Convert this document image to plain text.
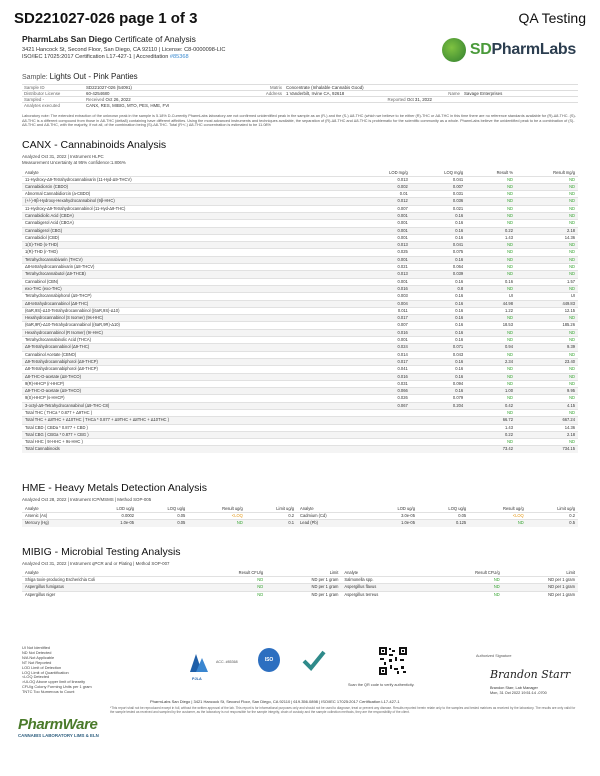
SD221027-026 page 1 of 3	QA Testing
PharmLabs San Diego Certificate of Analysis
3421 Hancock St, Second Floor, San Diego, CA 92110 | License: C8-0000098-LIC
ISO/IEC 17025:2017 Certification L17-427-1 | Accreditation #85368	SDPharmLabs
Sample: Lights Out - Pink Panties
Sample ID	SD221027-026 (54091)	Matrix	Concentrate (Inhalable Cannabis Good)		
Distributor License	60-4254680	Address	1 Vanderbilt, Irvine CA, 92618	Name	Savage Enterprises
Sampled -	Received Oct 26, 2022		Reported Oct 31, 2022		
Analytes executed	CANX, RES, MIBIG, MTO, PES, HME, FVI				
Laboratory note: The extended extraction of the unknown peak in the sample is 5.18% D-Currently PharmLabs laboratory are not confirmed unidentified peak in the sample as an (R-) and the (S-) Δ8-THC (which we believe to be either (R)-THC or Δ8-THC in this time there are no reference standards available for (R)-Δ8-THC. (S)-Δ8-THC is a different compound from those in Δ8-THC (delta8) containing have different affinities. Using the most advanced instruments and techniques available, the separation of (R)-Δ8-THC and Δ8-THC is problematic for the scientific community as a whole. PharmLabs believe the unidentified peak to be a combination of (S)-Δ8-THC and Δ8-THC, with the majority, if not all, of the combination being (S)-Δ8-THC. Total (R+/-) Δ8-THC concentration is estimated to be 11.08%
CANX - Cannabinoids Analysis
Analyzed Oct 31, 2022 | Instrument HLPC
Measurement Uncertainty at 95% confidence:1.806%
Analyte	LOD mg/g	LOQ mg/g	Result %	Result mg/g
11-Hydroxy-Δ9-Tetrahydrocannabivarin (11-Hyd-Δ9-THCV)	0.013	0.041	ND	ND
Cannabidiorcin (CBDO)	0.002	0.007	ND	ND
Abnormal Cannabidiorcin (a-CBDO)	0.01	0.031	ND	ND
(+/-)-9β-Hydroxy-Hexahydrocannabinol (9β-HHC)	0.012	0.036	ND	ND
11-Hydroxy-Δ9-Tetrahydrocannabinol (11-Hyd-Δ9-THC)	0.007	0.021	ND	ND
Cannabidiolic Acid (CBDA)	0.001	0.16	ND	ND
Cannabigerol Acid (CBGA)	0.001	0.16	ND	ND
Cannabigerol (CBG)	0.001	0.16	0.22	2.18
Cannabidiol (CBD)	0.001	0.16	1.43	14.36
1(S)-THD (s-THD)	0.013	0.041	ND	ND
1(R)-THD (r-THD)	0.025	0.075	ND	ND
Tetrahydrocannabivarin (THCV)	0.001	0.16	ND	ND
Δ8-tetrahydrocannabivarin (Δ8-THCV)	0.021	0.064	ND	ND
Tetrahydrocannabutol (Δ9-THCB)	0.013	0.039	ND	ND
Cannabinol (CBN)	0.001	0.16	0.16	1.57
exo-THC (exo-THC)	0.016	0.8	ND	ND
Tetrahydrocannabiphorol (Δ9-THCP)	0.003	0.16	UI	UI
Δ8-tetrahydrocannabinol (Δ8-THC)	0.004	0.16	44.98	449.83
(6aR,9S)-Δ10-Tetrahydrocannabinol ((6aR,9S)-Δ10)	0.011	0.16	1.22	12.15
Hexahydrocannabinol (S Isomer) (9s-HHC)	0.017	0.16	ND	ND
(6aR,9R)-Δ10-Tetrahydrocannabinol ((6aR,9R)-Δ10)	0.007	0.16	18.53	185.26
Hexahydrocannabinol (R Isomer) (9r-HHC)	0.016	0.16	ND	ND
Tetrahydrocannabinolic Acid (THCA)	0.001	0.16	ND	ND
Δ9-Tetrahydrocannabinol (Δ9-THC)	0.024	0.071	0.94	9.39
Cannabinol Acetate (CBNO)	0.014	0.043	ND	ND
Δ9-Tetrahydrocannabiphorol (Δ9-THCP)	0.017	0.16	2.34	23.40
Δ8-Tetrahydrocannabiphorol (Δ8-THCP)	0.041	0.16	ND	ND
Δ8-THC-O-acetate (Δ8-THCO)	0.016	0.16	ND	ND
9(R)-HHCP (r-HHCP)	0.031	0.094	ND	ND
Δ9-THC-O-acetate (Δ9-THCO)	0.066	0.16	1.00	9.95
9(S)-HHCP (s-HHCP)	0.026	0.079	ND	ND
3-octyl-Δ9-Tetrahydrocannabinol (Δ9-THC-C8)	0.067	0.204	0.42	4.15
Total THC ( THCa * 0.877 + Δ9THC )			ND	ND
Total THC + Δ8THC + Δ10THC ( THCa * 0.877 + Δ9THC + Δ8THC + Δ10THC )			66.72	667.24
Total CBD ( CBDa * 0.877 + CBD )			1.43	14.36
Total CBG ( CBGa * 0.877 + CBG )			0.22	2.18
Total HHC ( 9r-HHC + 9s-HHC )			ND	ND
Total Cannabinoids			73.42	734.15
HME - Heavy Metals Detection Analysis
Analyzed Oct 28, 2022 | Instrument ICP/MSMS | Method SOP-005
Analyte	LOD ug/g	LOQ ug/g	Result ug/g	Limit ug/g	Analyte	LOD ug/g	LOQ ug/g	Result ug/g	Limit ug/g
Arsenic (As)	0.0002	0.05	<LOQ	0.2	Cadmium (Cd)	3.0e-05	0.05	<LOQ	0.2
Mercury (Hg)	1.0e-05	0.05	ND	0.1	Lead (Pb)	1.0e-05	0.125	ND	0.5
MIBIG - Microbial Testing Analysis
Analyzed Oct 31, 2022 | Instrument qPCR and or Plating | Method SOP-007
Analyte	Result CFU/g	Limit	Analyte	Result CFU/g	Limit
Shiga toxin-producing Escherichia Coli	ND	ND per 1 gram	Salmonella spp.	ND	ND per 1 gram
Aspergillus fumigatus	ND	ND per 1 gram	Aspergillus flavus	ND	ND per 1 gram
Aspergillus niger	ND	ND per 1 gram	Aspergillus terreus	ND	ND per 1 gram
UI Not Identified
ND Not Detected
N/A Not Applicable
NT Not Reported
LOD Limit of Detection
LOQ Limit of Quantification
<LOQ Detected
>ULOQ Above upper limit of linearity
CFU/g Colony Forming Units per 1 gram
TNTC Too Numerous to Count
PJLA
ACC. #85368	ISO
Scan the QR code to verify authenticity.
Authorized Signature
Brandon Starr
Brandon Starr, Lab Manager
Mon, 31 Oct 2022 19:51:14 -0700
PharmLabs San Diego | 3421 Hancock St, Second Floor, San Diego, CA 92110 | 619.356.0898 | ISO/IEC 17025:2017 Certification L17-427-1
*This report shall not be reproduced except in full, without the written approval of the lab. This report is for informational purposes only and should not be used to diagnose, treat or prevent any disease. Results reported herein relate only to the samples and tested matrices as received by the laboratory. The results are only valid for the sample tested as received and sampled by the customer, as the laboratory is not responsible for the sample integrity, chain of custody and the sample collection methods, they are the responsibility of the client.
PharmWare
CANNABIS LABORATORY LIMS & ELN
